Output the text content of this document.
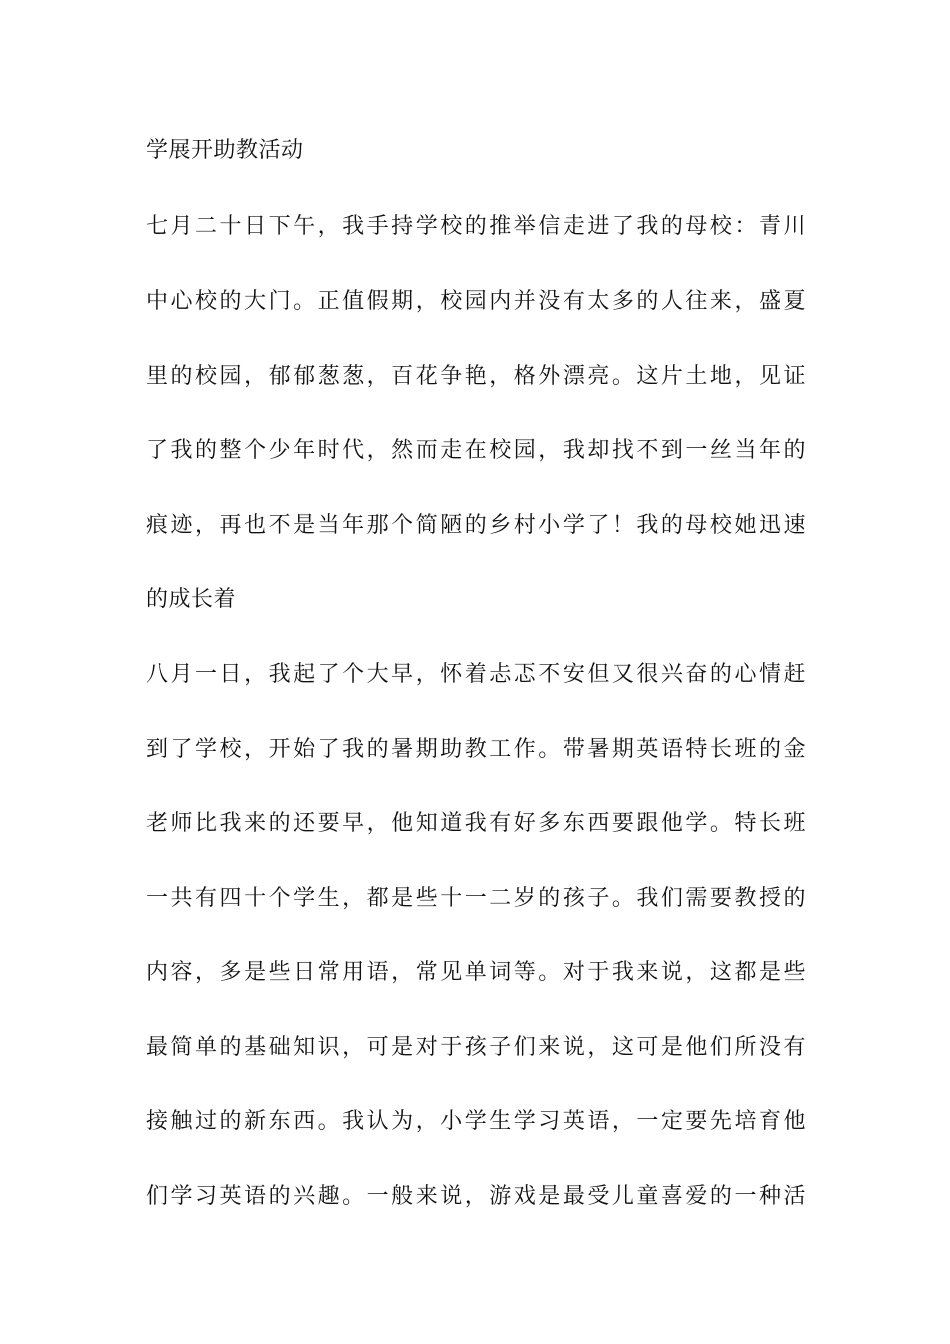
学展开助教活动
七月二十日下午，我手持学校的推举信走进了我的母校：青川
中心校的大门。正值假期，校园内并没有太多的人往来，盛夏
里的校园，郁郁葱葱，百花争艳，格外漂亮。这片土地，见证
了我的整个少年时代，然而走在校园，我却找不到一丝当年的
痕迹，再也不是当年那个简陋的乡村小学了！我的母校她迅速
的成长着
八月一日，我起了个大早，怀着忐忑不安但又很兴奋的心情赶
到了学校，开始了我的暑期助教工作。带暑期英语特长班的金
老师比我来的还要早，他知道我有好多东西要跟他学。特长班
一共有四十个学生，都是些十一二岁的孩子。我们需要教授的
内容，多是些日常用语，常见单词等。对于我来说，这都是些
最简单的基础知识，可是对于孩子们来说，这可是他们所没有
接触过的新东西。我认为，小学生学习英语，一定要先培育他
们学习英语的兴趣。一般来说，游戏是最受儿童喜爱的一种活
